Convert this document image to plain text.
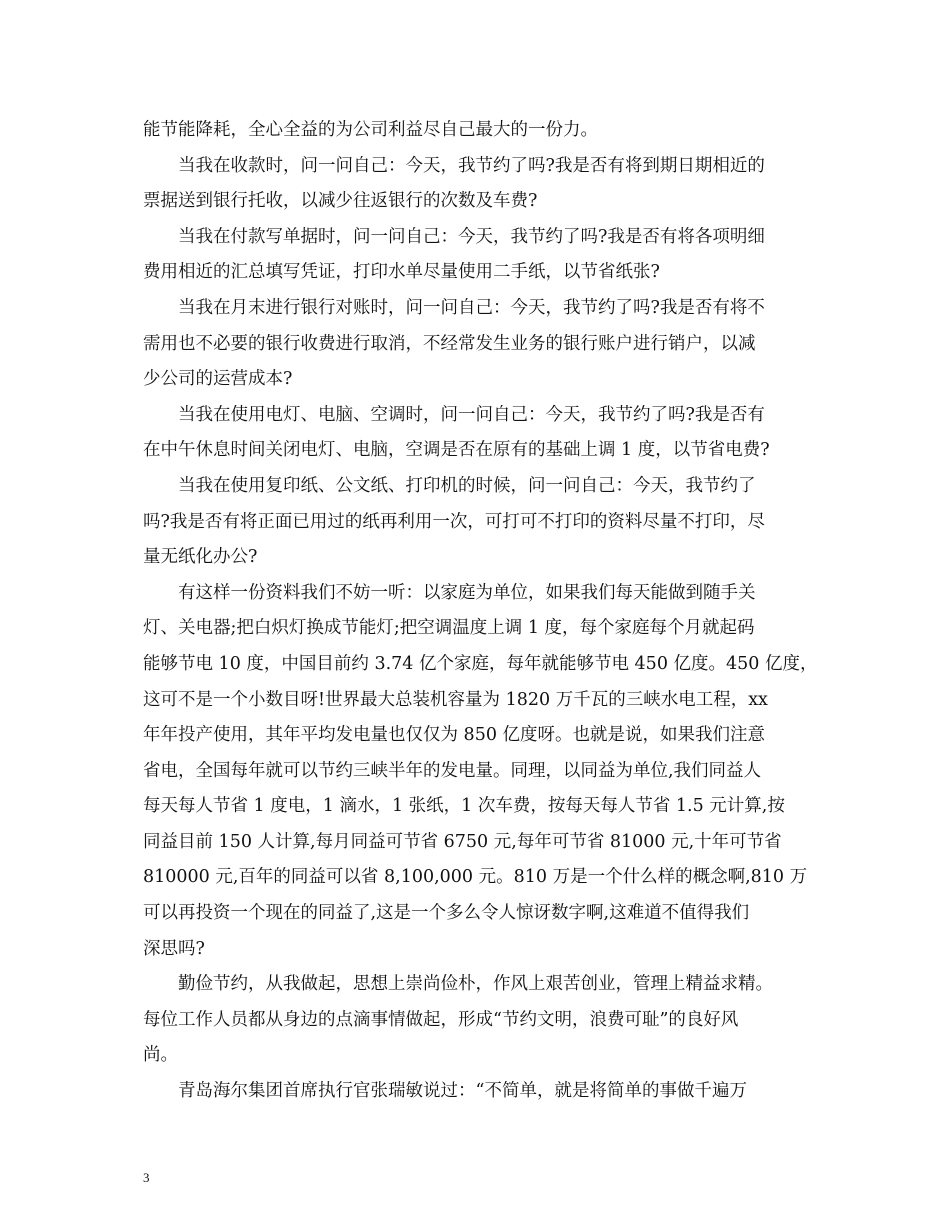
能节能降耗，全心全益的为公司利益尽自己最大的一份力。
当我在收款时，问一问自己：今天，我节约了吗?我是否有将到期日期相近的
票据送到银行托收，以减少往返银行的次数及车费?
当我在付款写单据时，问一问自己：今天，我节约了吗?我是否有将各项明细
费用相近的汇总填写凭证，打印水单尽量使用二手纸，以节省纸张?
当我在月末进行银行对账时，问一问自己：今天，我节约了吗?我是否有将不
需用也不必要的银行收费进行取消，不经常发生业务的银行账户进行销户，以减
少公司的运营成本?
当我在使用电灯、电脑、空调时，问一问自己：今天，我节约了吗?我是否有
在中午休息时间关闭电灯、电脑，空调是否在原有的基础上调 1 度，以节省电费?
当我在使用复印纸、公文纸、打印机的时候，问一问自己：今天，我节约了
吗?我是否有将正面已用过的纸再利用一次，可打可不打印的资料尽量不打印，尽
量无纸化办公?
有这样一份资料我们不妨一听：以家庭为单位，如果我们每天能做到随手关
灯、关电器;把白炽灯换成节能灯;把空调温度上调 1 度，每个家庭每个月就起码
能够节电 10 度，中国目前约 3.74 亿个家庭，每年就能够节电 450 亿度。450 亿度，
这可不是一个小数目呀!世界最大总装机容量为 1820 万千瓦的三峡水电工程，xx
年年投产使用，其年平均发电量也仅仅为 850 亿度呀。也就是说，如果我们注意
省电，全国每年就可以节约三峡半年的发电量。同理，以同益为单位,我们同益人
每天每人节省 1 度电，1 滴水，1 张纸，1 次车费，按每天每人节省 1.5 元计算,按
同益目前 150 人计算,每月同益可节省 6750 元,每年可节省 81000 元,十年可节省
810000 元,百年的同益可以省 8,100,000 元。810 万是一个什么样的概念啊,810 万
可以再投资一个现在的同益了,这是一个多么令人惊讶数字啊,这难道不值得我们
深思吗?
勤俭节约，从我做起，思想上崇尚俭朴，作风上艰苦创业，管理上精益求精。
每位工作人员都从身边的点滴事情做起，形成“节约文明，浪费可耻”的良好风
尚。
青岛海尔集团首席执行官张瑞敏说过：“不简单，就是将简单的事做千遍万
3
